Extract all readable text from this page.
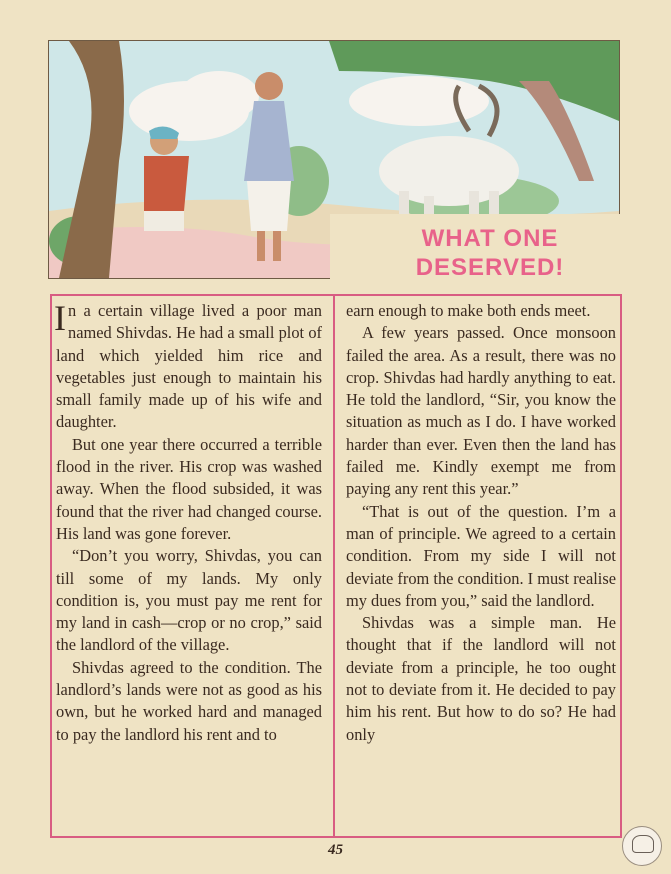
WHAT ONE
DESERVED!

In a certain village lived a poor man named Shivdas. He had a small plot of land which yielded him rice and vegetables just enough to maintain his small family made up of his wife and daughter.

But one year there occurred a terrible flood in the river. His crop was washed away. When the flood subsided, it was found that the river had changed course. His land was gone forever.

“Don’t you worry, Shivdas, you can till some of my lands. My only condition is, you must pay me rent for my land in cash—crop or no crop,” said the landlord of the village.

Shivdas agreed to the condition. The landlord’s lands were not as good as his own, but he worked hard and managed to pay the landlord his rent and to

earn enough to make both ends meet.

A few years passed. Once monsoon failed the area. As a result, there was no crop. Shivdas had hardly anything to eat. He told the landlord, “Sir, you know the situation as much as I do. I have worked harder than ever. Even then the land has failed me. Kindly exempt me from paying any rent this year.”

“That is out of the question. I’m a man of principle. We agreed to a certain condition. From my side I will not deviate from the condition. I must realise my dues from you,” said the landlord.

Shivdas was a simple man. He thought that if the landlord will not deviate from a principle, he too ought not to deviate from it. He decided to pay him his rent. But how to do so? He had only

45
